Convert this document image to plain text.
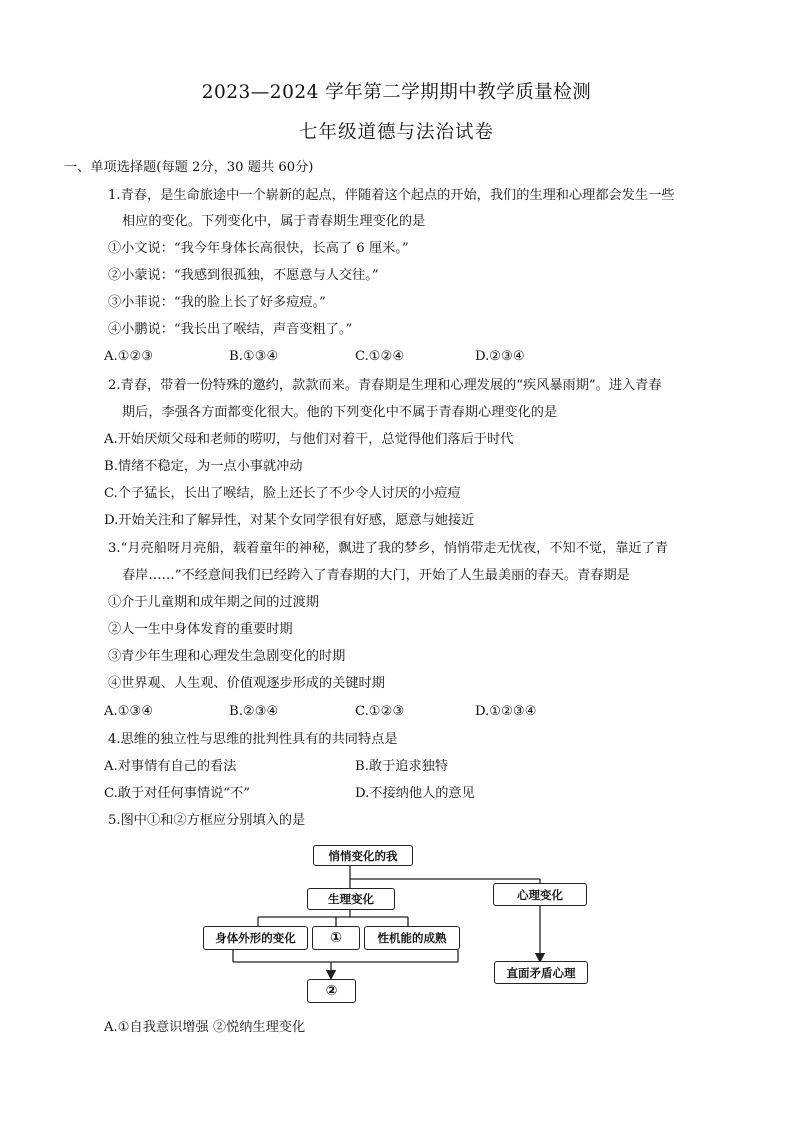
2023—2024 学年第二学期期中教学质量检测
七年级道德与法治试卷
一、单项选择题(每题 2分，30 题共 60分)
1.青春，是生命旅途中一个崭新的起点，伴随着这个起点的开始，我们的生理和心理都会发生一些
相应的变化。下列变化中，属于青春期生理变化的是
①小文说：“我今年身体长高很快，长高了 6 厘米。”
②小蒙说：“我感到很孤独，不愿意与人交往。”
③小菲说：“我的脸上长了好多痘痘。”
④小鹏说：“我长出了喉结，声音变粗了。”
A.①②③	B.①③④	C.①②④	D.②③④
2.青春，带着一份特殊的邀约，款款而来。青春期是生理和心理发展的“疾风暴雨期”。进入青春
期后，李强各方面都变化很大。他的下列变化中不属于青春期心理变化的是
A.开始厌烦父母和老师的唠叨，与他们对着干，总觉得他们落后于时代
B.情绪不稳定，为一点小事就冲动
C.个子猛长，长出了喉结，脸上还长了不少令人讨厌的小痘痘
D.开始关注和了解异性，对某个女同学很有好感，愿意与她接近
3.“月亮船呀月亮船，载着童年的神秘，飘进了我的梦乡，悄悄带走无忧夜，不知不觉，靠近了青
春岸……”不经意间我们已经跨入了青春期的大门，开始了人生最美丽的春天。青春期是
①介于儿童期和成年期之间的过渡期
②人一生中身体发育的重要时期
③青少年生理和心理发生急剧变化的时期
④世界观、人生观、价值观逐步形成的关键时期
A.①③④	B.②③④	C.①②③	D.①②③④
4.思维的独立性与思维的批判性具有的共同特点是
A.对事情有自己的看法	B.敢于追求独特
C.敢于对任何事情说“不”	D.不接纳他人的意见
5.图中①和②方框应分别填入的是
悄悄变化的我
生理变化	心理变化
身体外形的变化	①	性机能的成熟
②
直面矛盾心理
A.①自我意识增强 ②悦纳生理变化
